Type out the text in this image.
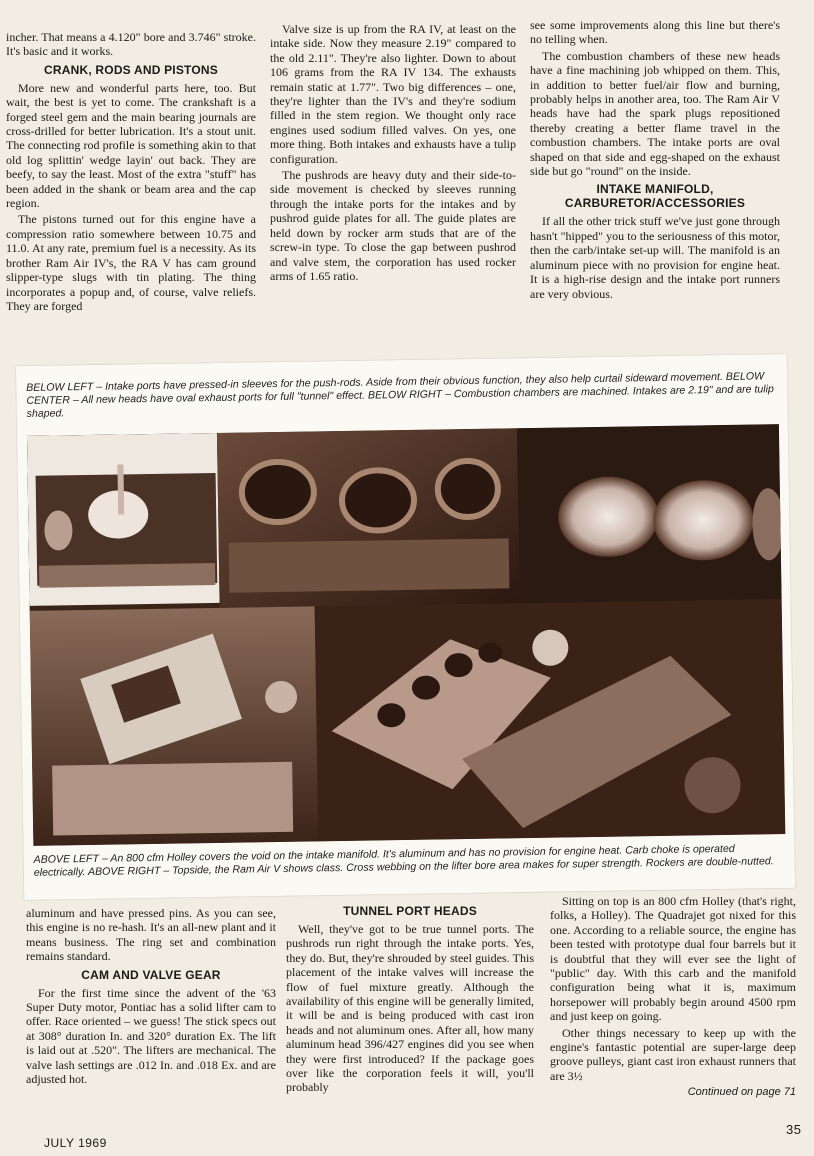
incher. That means a 4.120" bore and 3.746" stroke. It's basic and it works.

CRANK, RODS AND PISTONS

More new and wonderful parts here, too. But wait, the best is yet to come. The crankshaft is a forged steel gem and the main bearing journals are cross-drilled for better lubrication. It's a stout unit. The connecting rod profile is something akin to that old log splittin' wedge layin' out back. They are beefy, to say the least. Most of the extra "stuff" has been added in the shank or beam area and the cap region.

The pistons turned out for this engine have a compression ratio somewhere between 10.75 and 11.0. At any rate, premium fuel is a necessity. As its brother Ram Air IV's, the RA V has cam ground slipper-type slugs with tin plating. The thing incorporates a popup and, of course, valve reliefs. They are forged

Valve size is up from the RA IV, at least on the intake side. Now they measure 2.19" compared to the old 2.11". They're also lighter. Down to about 106 grams from the RA IV 134. The exhausts remain static at 1.77". Two big differences – one, they're lighter than the IV's and they're sodium filled in the stem region. We thought only race engines used sodium filled valves. On yes, one more thing. Both intakes and exhausts have a tulip configuration.

The pushrods are heavy duty and their side-to-side movement is checked by sleeves running through the intake ports for the intakes and by pushrod guide plates for all. The guide plates are held down by rocker arm studs that are of the screw-in type. To close the gap between pushrod and valve stem, the corporation has used rocker arms of 1.65 ratio.

see some improvements along this line but there's no telling when.

The combustion chambers of these new heads have a fine machining job whipped on them. This, in addition to better fuel/air flow and burning, probably helps in another area, too. The Ram Air V heads have had the spark plugs repositioned thereby creating a better flame travel in the combustion chambers. The intake ports are oval shaped on that side and egg-shaped on the exhaust side but go "round" on the inside.

INTAKE MANIFOLD, CARBURETOR/ACCESSORIES

If all the other trick stuff we've just gone through hasn't "hipped" you to the seriousness of this motor, then the carb/intake set-up will. The manifold is an aluminum piece with no provision for engine heat. It is a high-rise design and the intake port runners are very obvious.

BELOW LEFT – Intake ports have pressed-in sleeves for the push-rods. Aside from their obvious function, they also help curtail sideward movement. BELOW CENTER – All new heads have oval exhaust ports for full "tunnel" effect. BELOW RIGHT – Combustion chambers are machined. Intakes are 2.19" and are tulip shaped.
ABOVE LEFT – An 800 cfm Holley covers the void on the intake manifold. It's aluminum and has no provision for engine heat. Carb choke is operated electrically. ABOVE RIGHT – Topside, the Ram Air V shows class. Cross webbing on the lifter bore area makes for super strength. Rockers are double-nutted.

aluminum and have pressed pins. As you can see, this engine is no re-hash. It's an all-new plant and it means business. The ring set and combination remains standard.

CAM AND VALVE GEAR

For the first time since the advent of the '63 Super Duty motor, Pontiac has a solid lifter cam to offer. Race oriented – we guess! The stick specs out at 308° duration In. and 320° duration Ex. The lift is laid out at .520". The lifters are mechanical. The valve lash settings are .012 In. and .018 Ex. and are adjusted hot.

TUNNEL PORT HEADS

Well, they've got to be true tunnel ports. The pushrods run right through the intake ports. Yes, they do. But, they're shrouded by steel guides. This placement of the intake valves will increase the flow of fuel mixture greatly. Although the availability of this engine will be generally limited, it will be and is being produced with cast iron heads and not aluminum ones. After all, how many aluminum head 396/427 engines did you see when they were first introduced? If the package goes over like the corporation feels it will, you'll probably

Sitting on top is an 800 cfm Holley (that's right, folks, a Holley). The Quadrajet got nixed for this one. According to a reliable source, the engine has been tested with prototype dual four barrels but it is doubtful that they will ever see the light of "public" day. With this carb and the manifold configuration being what it is, maximum horsepower will probably begin around 4500 rpm and just keep on going.

Other things necessary to keep up with the engine's fantastic potential are super-large deep groove pulleys, giant cast iron exhaust runners that are 3½

Continued on page 71
JULY 1969
35
